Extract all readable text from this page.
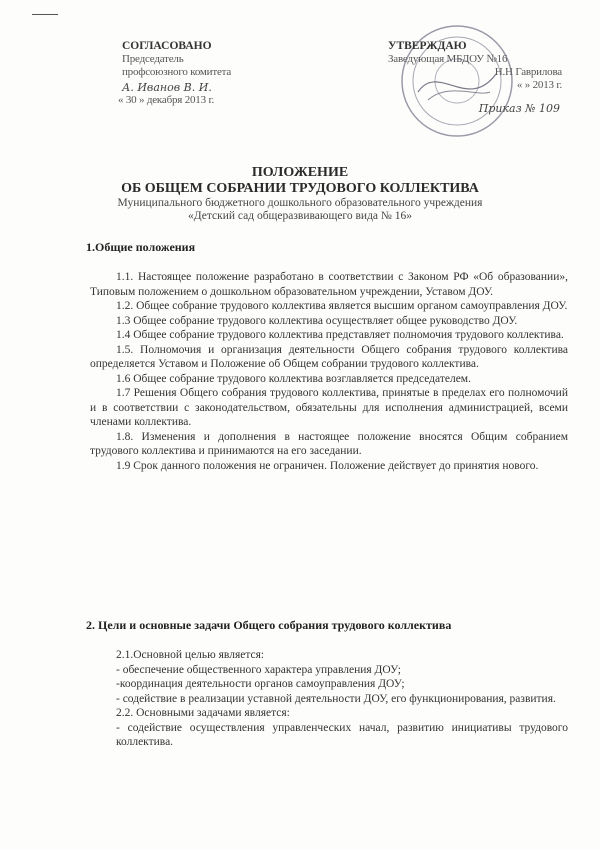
СОГЛАСОВАНО
Председатель
профсоюзного комитета
А. Иванов В. И.
« 30 » декабря 2013 г.
УТВЕРЖДАЮ
Заведующая МБДОУ №16
Н.Н Гаврилова
« » 2013 г.
Приказ № 109
ПОЛОЖЕНИЕ
ОБ ОБЩЕМ СОБРАНИИ ТРУДОВОГО КОЛЛЕКТИВА
Муниципального бюджетного дошкольного образовательного учреждения
«Детский сад общеразвивающего вида № 16»
1.Общие положения

1.1. Настоящее положение разработано в соответствии с Законом РФ «Об образовании», Типовым положением о дошкольном образовательном учреждении, Уставом ДОУ.

1.2. Общее собрание трудового коллектива является высшим органом самоуправления ДОУ.

1.3 Общее собрание трудового коллектива осуществляет общее руководство ДОУ.

1.4 Общее собрание трудового коллектива представляет полномочия трудового коллектива.

1.5. Полномочия и организация деятельности Общего собрания трудового коллектива определяется Уставом и Положение об Общем собрании трудового коллектива.

1.6 Общее собрание трудового коллектива возглавляется председателем.

1.7 Решения Общего собрания трудового коллектива, принятые в пределах его полномочий и в соответствии с законодательством, обязательны для исполнения администрацией, всеми членами коллектива.

1.8. Изменения и дополнения в настоящее положение вносятся Общим собранием трудового коллектива и принимаются на его заседании.

1.9 Срок данного положения не ограничен. Положение действует до принятия нового.

2. Цели и основные задачи Общего собрания трудового коллектива

2.1.Основной целью является:

- обеспечение общественного характера управления ДОУ;

-координация деятельности органов самоуправления ДОУ;

- содействие в реализации уставной деятельности ДОУ, его функционирования, развития.

2.2. Основными задачами является:

- содействие осуществления управленческих начал, развитию инициативы трудового коллектива.
